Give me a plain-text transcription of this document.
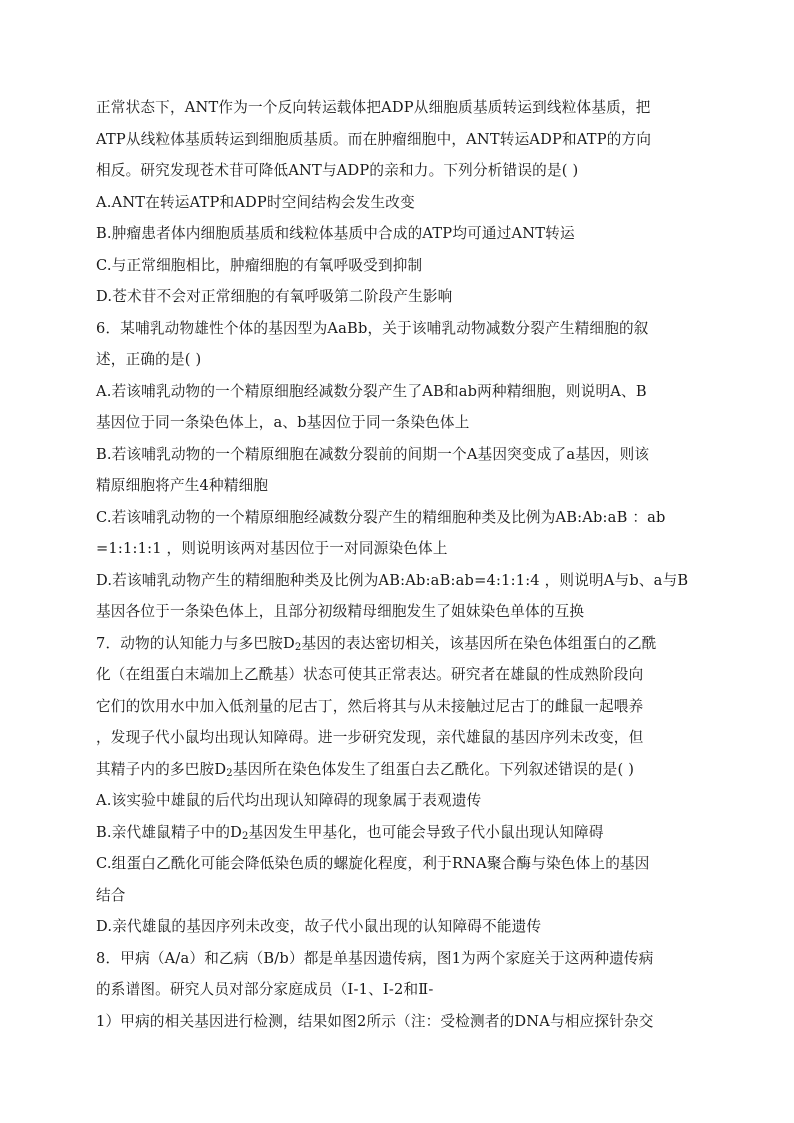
正常状态下，ANT作为一个反向转运载体把ADP从细胞质基质转运到线粒体基质，把
ATP从线粒体基质转运到细胞质基质。而在肿瘤细胞中，ANT转运ADP和ATP的方向
相反。研究发现苍术苷可降低ANT与ADP的亲和力。下列分析错误的是( )
A.ANT在转运ATP和ADP时空间结构会发生改变
B.肿瘤患者体内细胞质基质和线粒体基质中合成的ATP均可通过ANT转运
C.与正常细胞相比，肿瘤细胞的有氧呼吸受到抑制
D.苍术苷不会对正常细胞的有氧呼吸第二阶段产生影响
6．某哺乳动物雄性个体的基因型为AaBb，关于该哺乳动物减数分裂产生精细胞的叙
述，正确的是( )
A.若该哺乳动物的一个精原细胞经减数分裂产生了AB和ab两种精细胞，则说明A、B
基因位于同一条染色体上，a、b基因位于同一条染色体上
B.若该哺乳动物的一个精原细胞在减数分裂前的间期一个A基因突变成了a基因，则该
精原细胞将产生4种精细胞
C.若该哺乳动物的一个精原细胞经减数分裂产生的精细胞种类及比例为AB:Ab:aB ：ab
=1:1:1:1 ，则说明该两对基因位于一对同源染色体上
D.若该哺乳动物产生的精细胞种类及比例为AB:Ab:aB:ab=4:1:1:4 ，则说明A与b、a与B
基因各位于一条染色体上，且部分初级精母细胞发生了姐妹染色单体的互换
7．动物的认知能力与多巴胺$D_2$基因的表达密切相关，该基因所在染色体组蛋白的乙酰
化（在组蛋白末端加上乙酰基）状态可使其正常表达。研究者在雄鼠的性成熟阶段向
它们的饮用水中加入低剂量的尼古丁，然后将其与从未接触过尼古丁的雌鼠一起喂养
，发现子代小鼠均出现认知障碍。进一步研究发现，亲代雄鼠的基因序列未改变，但
其精子内的多巴胺$D_2$基因所在染色体发生了组蛋白去乙酰化。下列叙述错误的是( )
A.该实验中雄鼠的后代均出现认知障碍的现象属于表观遗传
B.亲代雄鼠精子中的$D_2$基因发生甲基化，也可能会导致子代小鼠出现认知障碍
C.组蛋白乙酰化可能会降低染色质的螺旋化程度，利于RNA聚合酶与染色体上的基因
结合
D.亲代雄鼠的基因序列未改变，故子代小鼠出现的认知障碍不能遗传
8．甲病（A/a）和乙病（B/b）都是单基因遗传病，图1为两个家庭关于这两种遗传病
的系谱图。研究人员对部分家庭成员（Ⅰ-1、Ⅰ-2和Ⅱ-
1）甲病的相关基因进行检测，结果如图2所示（注：受检测者的DNA与相应探针杂交
